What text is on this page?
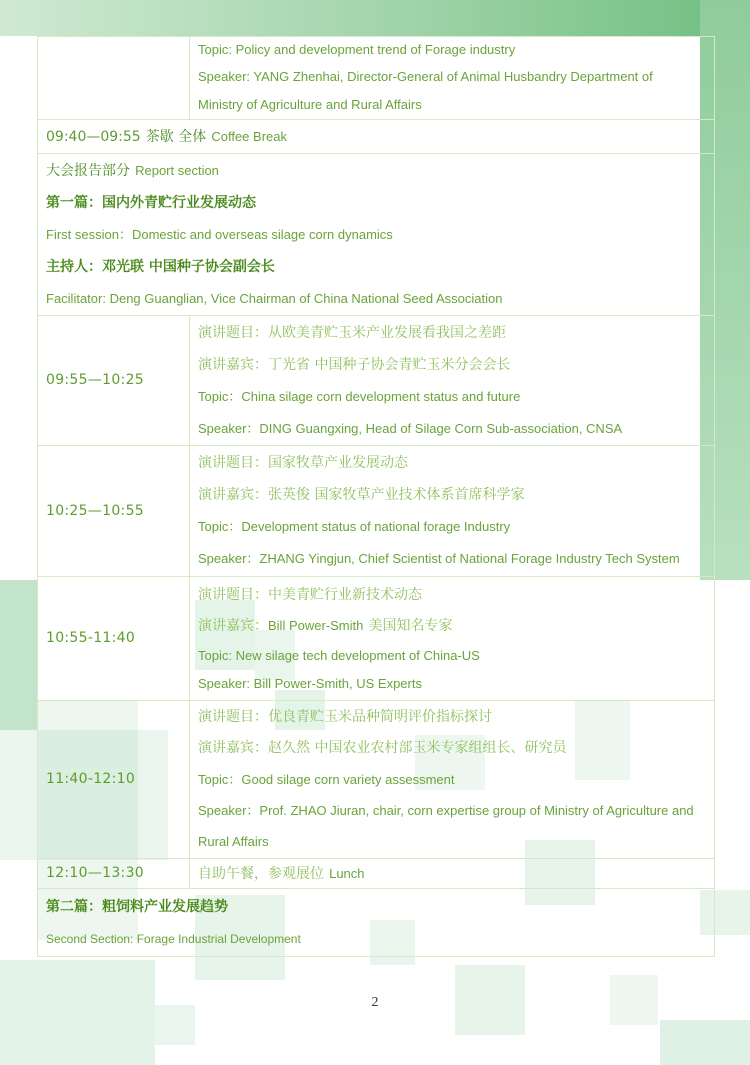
	Topic: Policy and development trend of Forage industry
Speaker: YANG Zhenhai, Director-General of Animal Husbandry Department of
Ministry of Agriculture and Rural Affairs

09:40—09:55 茶歇 全体 Coffee Break	

大会报告部分 Report section
第一篇：国内外青贮行业发展动态
First session：Domestic and overseas silage corn dynamics
主持人：邓光联 中国种子协会副会长
Facilitator: Deng Guanglian, Vice Chairman of China National Seed Association	

09:55—10:25	演讲题目：从欧美青贮玉米产业发展看我国之差距
演讲嘉宾：丁光省 中国种子协会青贮玉米分会会长
Topic：China silage corn development status and future
Speaker：DING Guangxing, Head of Silage Corn Sub-association, CNSA

10:25—10:55	演讲题目：国家牧草产业发展动态
演讲嘉宾：张英俊 国家牧草产业技术体系首席科学家
Topic：Development status of national forage Industry
Speaker：ZHANG Yingjun, Chief Scientist of National Forage Industry Tech System

10:55-11:40	演讲题目：中美青贮行业新技术动态
演讲嘉宾：Bill Power-Smith 美国知名专家
Topic: New silage tech development of China-US
Speaker: Bill Power-Smith, US Experts

11:40-12:10	演讲题目：优良青贮玉米品种简明评价指标探讨
演讲嘉宾：赵久然 中国农业农村部玉米专家组组长、研究员
Topic：Good silage corn variety assessment
Speaker：Prof. ZHAO Jiuran, chair, corn expertise group of Ministry of Agriculture and
Rural Affairs

12:10—13:30	自助午餐，参观展位 Lunch

第二篇：粗饲料产业发展趋势
Second Section: Forage Industrial Development	
2
